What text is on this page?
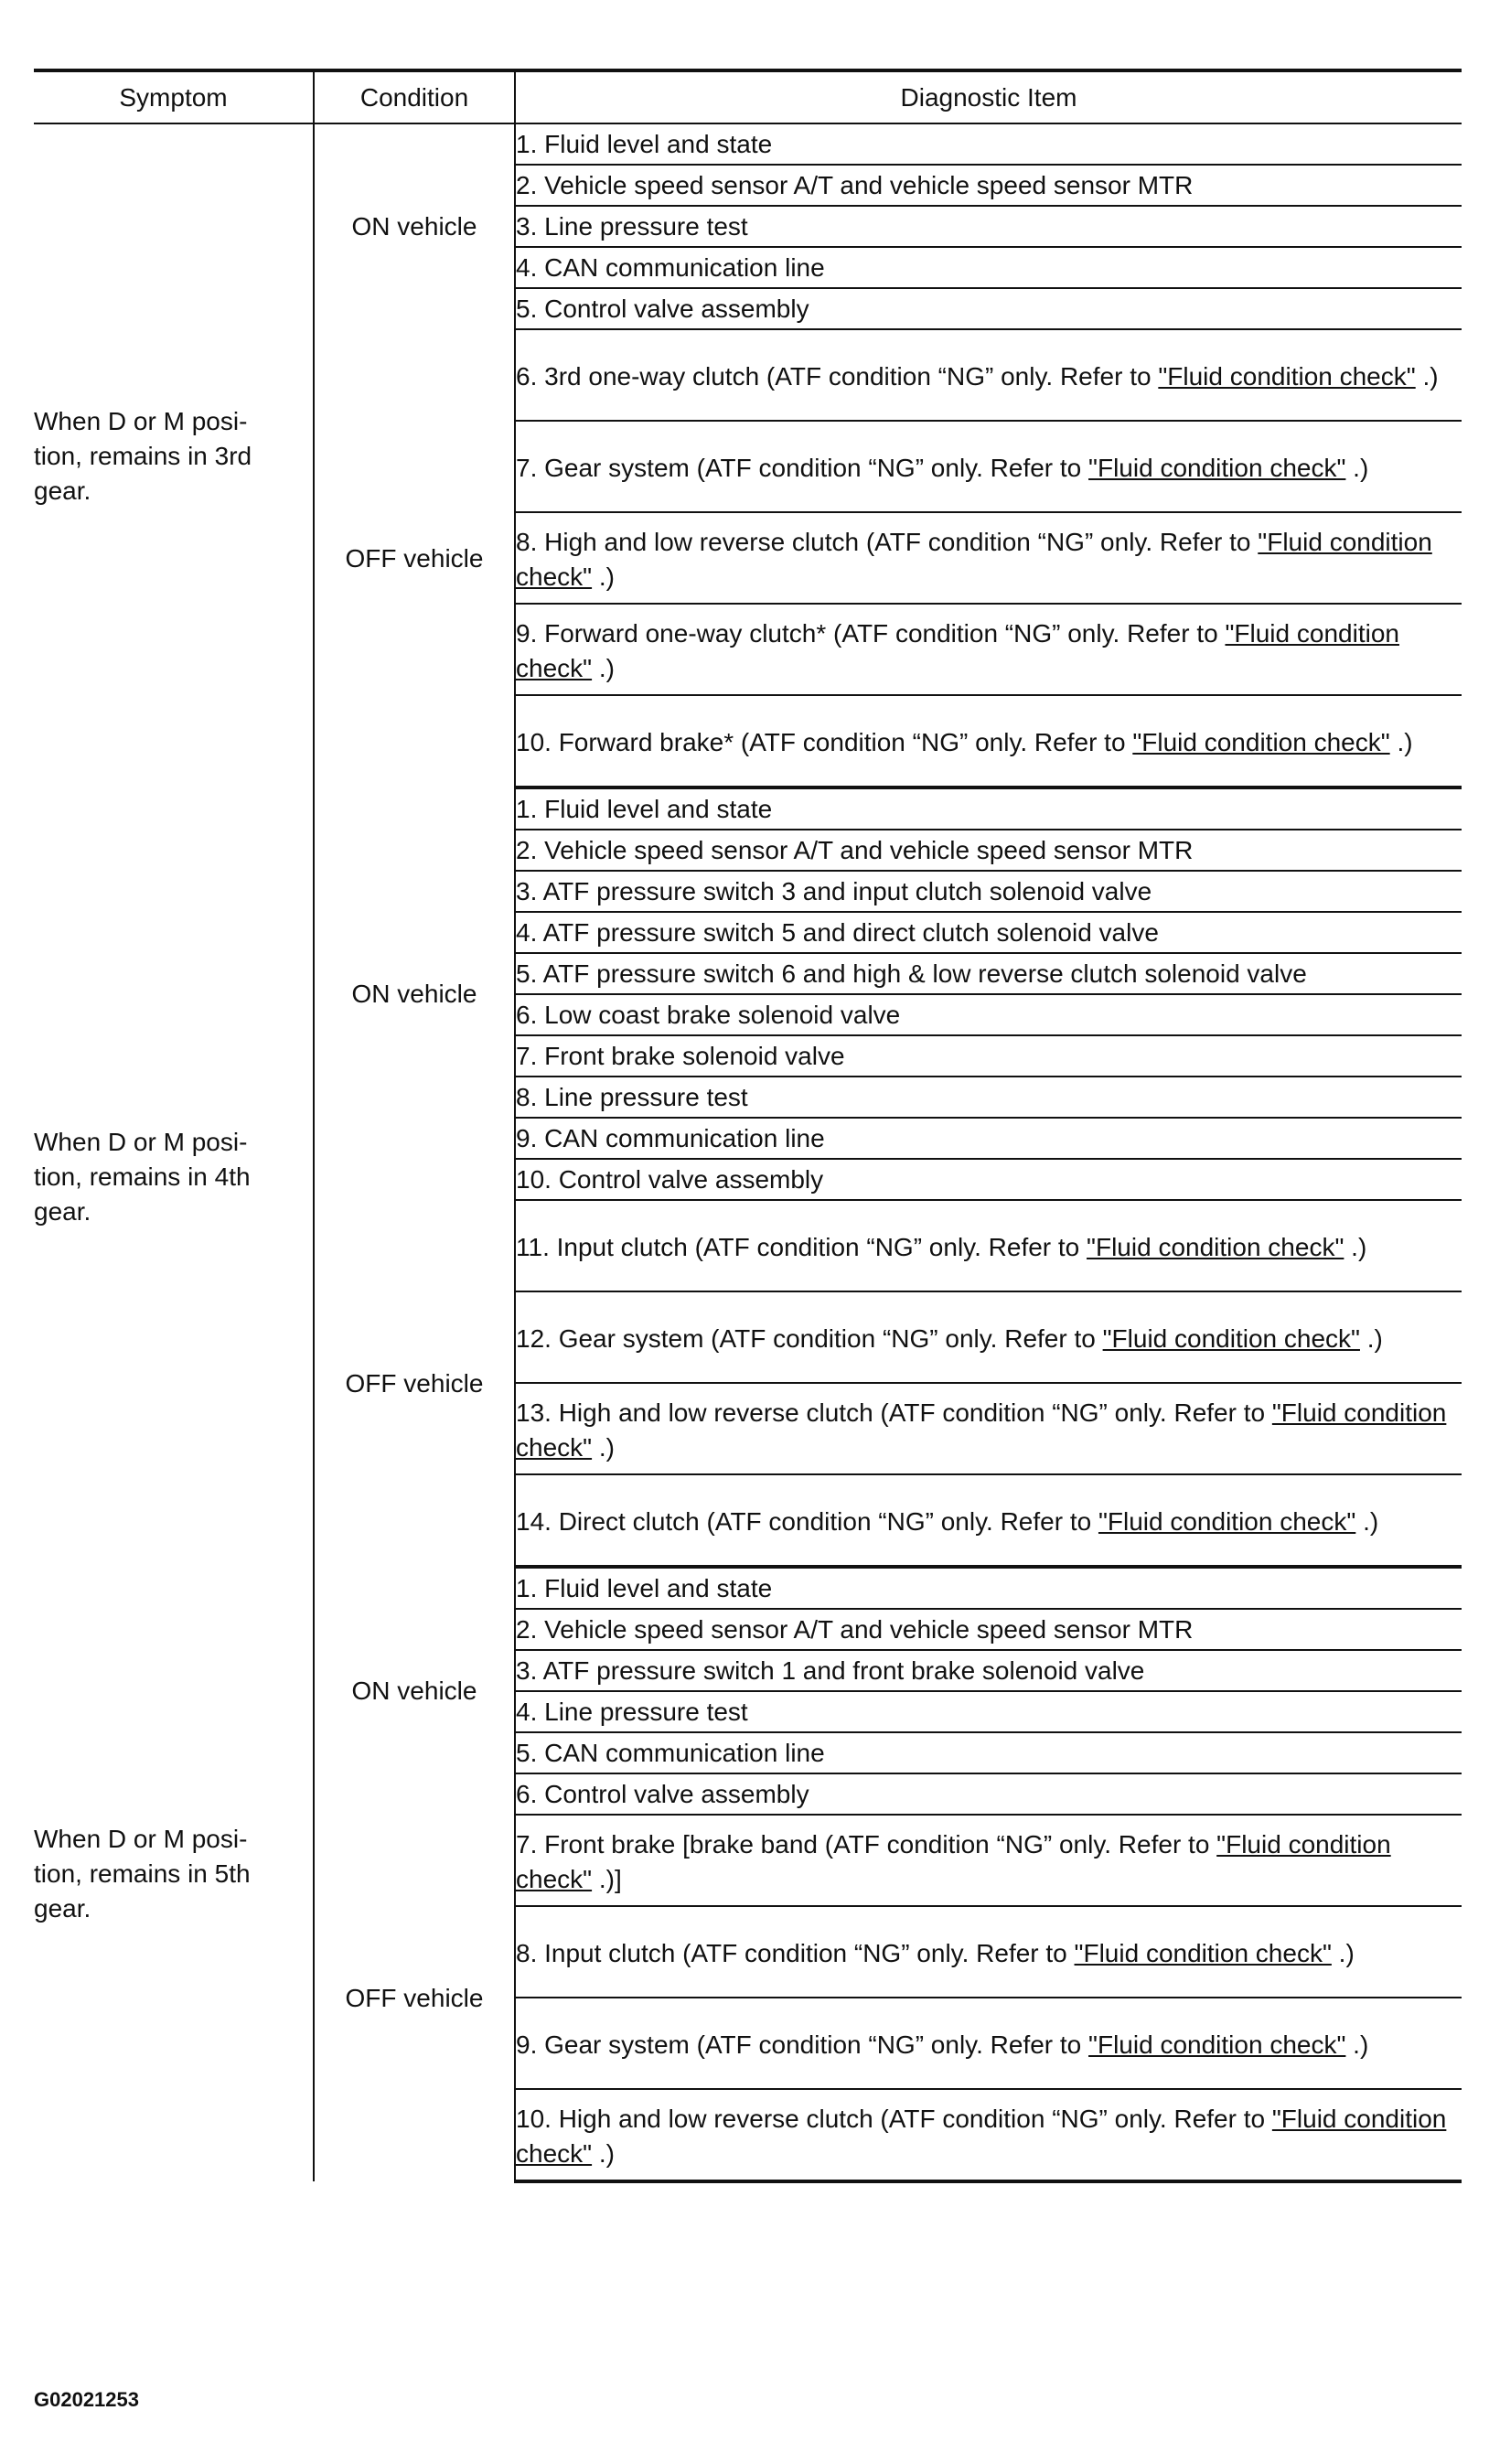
Symptom	Condition	Diagnostic Item
When D or M posi-
tion, remains in 3rd
gear.	ON vehicle	1. Fluid level and state
		2. Vehicle speed sensor A/T and vehicle speed sensor MTR
		3. Line pressure test
		4. CAN communication line
		5. Control valve assembly
	OFF vehicle	6. 3rd one-way clutch (ATF condition “NG” only. Refer to "Fluid condition check" .)
		7. Gear system (ATF condition “NG” only. Refer to "Fluid condition check" .)
		8. High and low reverse clutch (ATF condition “NG” only. Refer to "Fluid condition check" .)
		9. Forward one-way clutch* (ATF condition “NG” only. Refer to "Fluid condition check" .)
		10. Forward brake* (ATF condition “NG” only. Refer to "Fluid condition check" .)
When D or M posi-
tion, remains in 4th
gear.	ON vehicle	1. Fluid level and state
		2. Vehicle speed sensor A/T and vehicle speed sensor MTR
		3. ATF pressure switch 3 and input clutch solenoid valve
		4. ATF pressure switch 5 and direct clutch solenoid valve
		5. ATF pressure switch 6 and high & low reverse clutch solenoid valve
		6. Low coast brake solenoid valve
		7. Front brake solenoid valve
		8. Line pressure test
		9. CAN communication line
		10. Control valve assembly
	OFF vehicle	11. Input clutch (ATF condition “NG” only. Refer to "Fluid condition check" .)
		12. Gear system (ATF condition “NG” only. Refer to "Fluid condition check" .)
		13. High and low reverse clutch (ATF condition “NG” only. Refer to "Fluid condition check" .)
		14. Direct clutch (ATF condition “NG” only. Refer to "Fluid condition check" .)
When D or M posi-
tion, remains in 5th
gear.	ON vehicle	1. Fluid level and state
		2. Vehicle speed sensor A/T and vehicle speed sensor MTR
		3. ATF pressure switch 1 and front brake solenoid valve
		4. Line pressure test
		5. CAN communication line
		6. Control valve assembly
	OFF vehicle	7. Front brake [brake band (ATF condition “NG” only. Refer to "Fluid condition check" .)]
		8. Input clutch (ATF condition “NG” only. Refer to "Fluid condition check" .)
		9. Gear system (ATF condition “NG” only. Refer to "Fluid condition check" .)
		10. High and low reverse clutch (ATF condition “NG” only. Refer to "Fluid condition check" .)
G02021253
